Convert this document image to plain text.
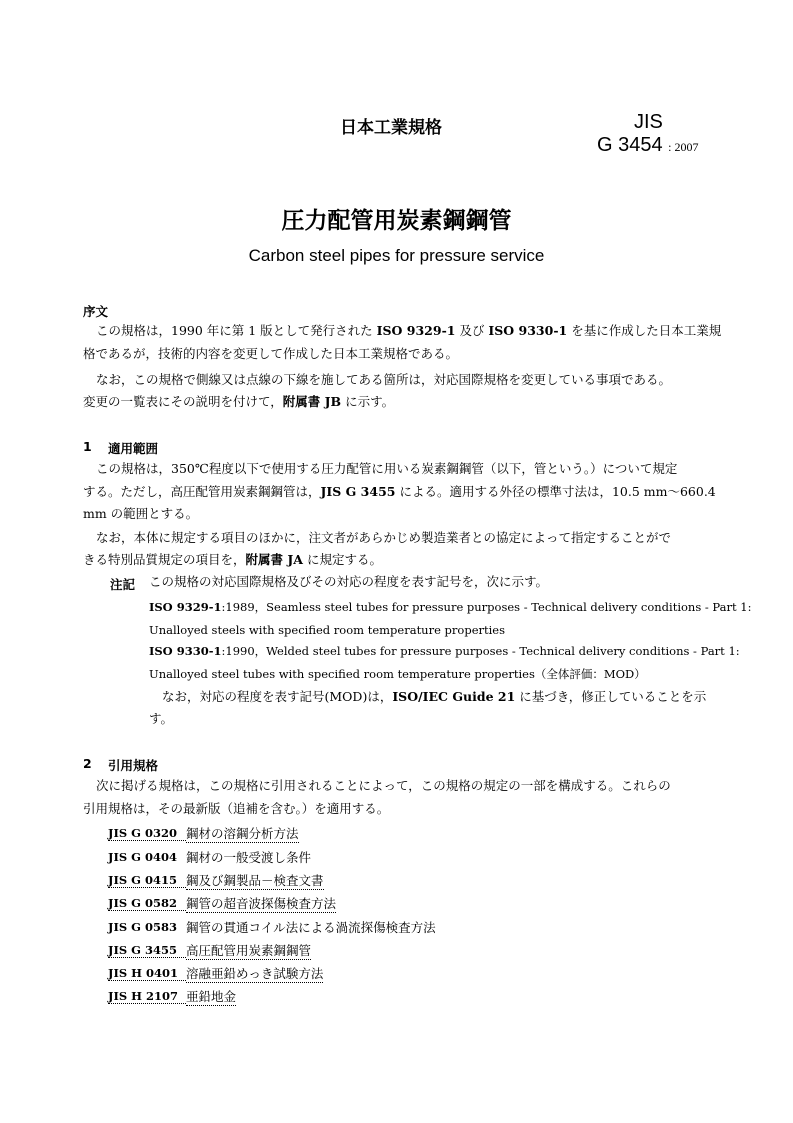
日本工業規格	JIS
G 3454 : 2007
圧力配管用炭素鋼鋼管
Carbon steel pipes for pressure service
序文
この規格は，1990 年に第 1 版として発行された ISO 9329-1 及び ISO 9330-1 を基に作成した日本工業規
格であるが，技術的内容を変更して作成した日本工業規格である。
なお，この規格で側線又は点線の下線を施してある箇所は，対応国際規格を変更している事項である。
変更の一覧表にその説明を付けて，附属書 JB に示す。
1 適用範囲
この規格は，350℃程度以下で使用する圧力配管に用いる炭素鋼鋼管（以下，管という。）について規定
する。ただし，高圧配管用炭素鋼鋼管は，JIS G 3455 による。適用する外径の標準寸法は，10.5 mm～660.4
mm の範囲とする。
なお，本体に規定する項目のほかに，注文者があらかじめ製造業者との協定によって指定することがで
きる特別品質規定の項目を，附属書 JA に規定する。
注記 この規格の対応国際規格及びその対応の程度を表す記号を，次に示す。
ISO 9329-1:1989，Seamless steel tubes for pressure purposes - Technical delivery conditions - Part 1:
Unalloyed steels with specified room temperature properties
ISO 9330-1:1990，Welded steel tubes for pressure purposes - Technical delivery conditions - Part 1:
Unalloyed steel tubes with specified room temperature properties（全体評価：MOD）
なお，対応の程度を表す記号(MOD)は，ISO/IEC Guide 21 に基づき，修正していることを示
す。
2 引用規格
次に掲げる規格は，この規格に引用されることによって，この規格の規定の一部を構成する。これらの
引用規格は，その最新版（追補を含む。）を適用する。
JIS G 0320 鋼材の溶鋼分析方法
JIS G 0404 鋼材の一般受渡し条件
JIS G 0415 鋼及び鋼製品－検査文書
JIS G 0582 鋼管の超音波探傷検査方法
JIS G 0583 鋼管の貫通コイル法による渦流探傷検査方法
JIS G 3455 高圧配管用炭素鋼鋼管
JIS H 0401 溶融亜鉛めっき試験方法
JIS H 2107 亜鉛地金
